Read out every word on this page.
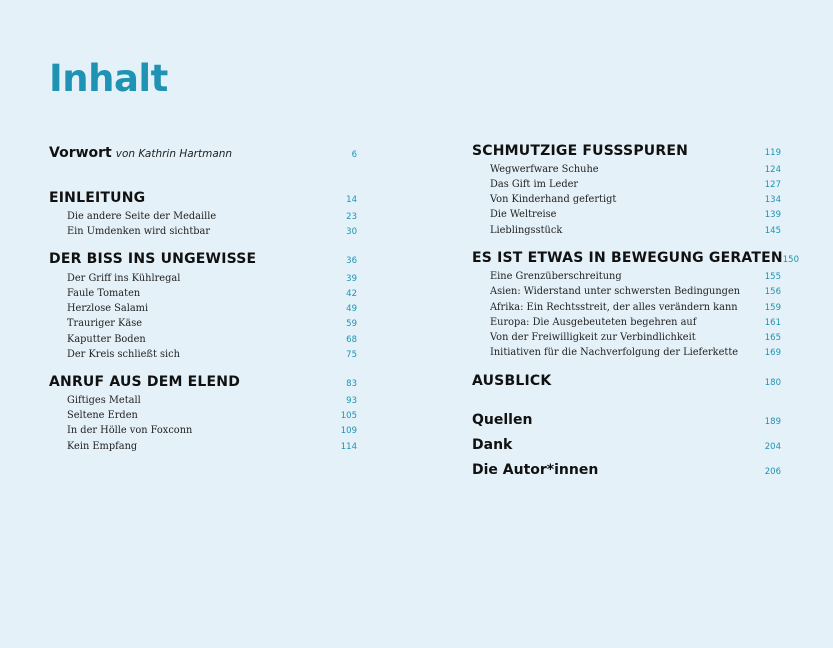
Inhalt
Vorwort von Kathrin Hartmann	6
EINLEITUNG	14
Die andere Seite der Medaille	23
Ein Umdenken wird sichtbar	30
DER BISS INS UNGEWISSE	36
Der Griff ins Kühlregal	39
Faule Tomaten	42
Herzlose Salami	49
Trauriger Käse	59
Kaputter Boden	68
Der Kreis schließt sich	75
ANRUF AUS DEM ELEND	83
Giftiges Metall	93
Seltene Erden	105
In der Hölle von Foxconn	109
Kein Empfang	114
SCHMUTZIGE FUSSSPUREN	119
Wegwerfware Schuhe	124
Das Gift im Leder	127
Von Kinderhand gefertigt	134
Die Weltreise	139
Lieblingsstück	145
ES IST ETWAS IN BEWEGUNG GERATEN 150
Eine Grenzüberschreitung	155
Asien: Widerstand unter schwersten Bedingungen	156
Afrika: Ein Rechtsstreit, der alles verändern kann	159
Europa: Die Ausgebeuteten begehren auf	161
Von der Freiwilligkeit zur Verbindlichkeit	165
Initiativen für die Nachverfolgung der Lieferkette	169
AUSBLICK	180
Quellen	189
Dank	204
Die Autor*innen	206
